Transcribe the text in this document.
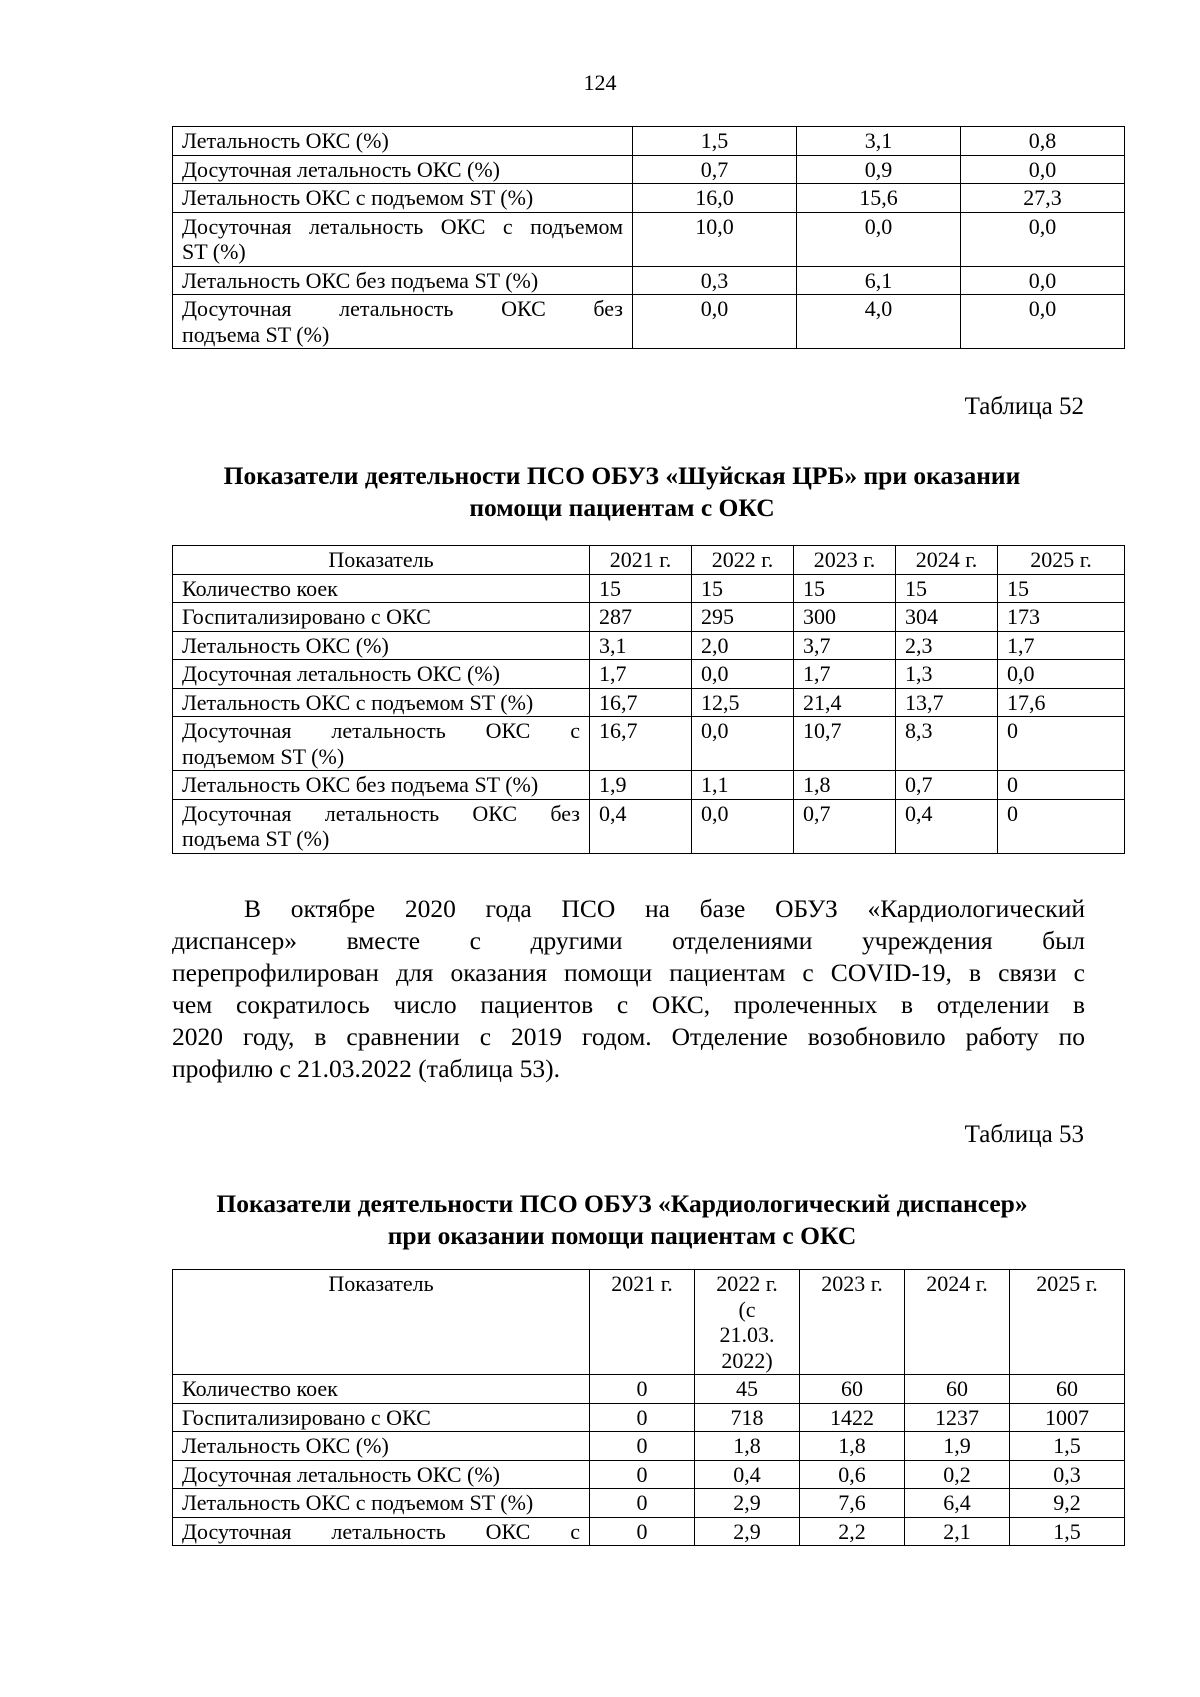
124
Летальность ОКС (%)	1,5	3,1	0,8

Досуточная летальность ОКС (%)	0,7	0,9	0,0

Летальность ОКС с подъемом ST (%)	16,0	15,6	27,3

Досуточная летальность ОКС с подъемом
ST (%)	10,0	0,0	0,0

Летальность ОКС без подъема ST (%)	0,3	6,1	0,0

Досуточная летальность ОКС без
подъема ST (%)	0,0	4,0	0,0
Таблица 52
Показатели деятельности ПСО ОБУЗ «Шуйская ЦРБ» при оказании
помощи пациентам с ОКС
Показатель	2021 г.	2022 г.	2023 г.	2024 г.	2025 г.

Количество коек	15	15	15	15	15

Госпитализировано с ОКС	287	295	300	304	173

Летальность ОКС (%)	3,1	2,0	3,7	2,3	1,7

Досуточная летальность ОКС (%)	1,7	0,0	1,7	1,3	0,0

Летальность ОКС с подъемом ST (%)	16,7	12,5	21,4	13,7	17,6

Досуточная летальность ОКС с
подъемом ST (%)	16,7	0,0	10,7	8,3	0

Летальность ОКС без подъема ST (%)	1,9	1,1	1,8	0,7	0

Досуточная летальность ОКС без
подъема ST (%)	0,4	0,0	0,7	0,4	0
В октябре 2020 года ПСО на базе ОБУЗ «Кардиологический
диспансер» вместе с другими отделениями учреждения был
перепрофилирован для оказания помощи пациентам с COVID-19, в связи с
чем сократилось число пациентов с ОКС, пролеченных в отделении в
2020 году, в сравнении с 2019 годом. Отделение возобновило работу по
профилю с 21.03.2022 (таблица 53).
Таблица 53
Показатели деятельности ПСО ОБУЗ «Кардиологический диспансер»
при оказании помощи пациентам с ОКС
Показатель	2021 г.	2022 г.
(с
21.03.
2022)	2023 г.	2024 г.	2025 г.

Количество коек	0	45	60	60	60

Госпитализировано с ОКС	0	718	1422	1237	1007

Летальность ОКС (%)	0	1,8	1,8	1,9	1,5

Досуточная летальность ОКС (%)	0	0,4	0,6	0,2	0,3

Летальность ОКС с подъемом ST (%)	0	2,9	7,6	6,4	9,2

Досуточная летальность ОКС с	0	2,9	2,2	2,1	1,5
